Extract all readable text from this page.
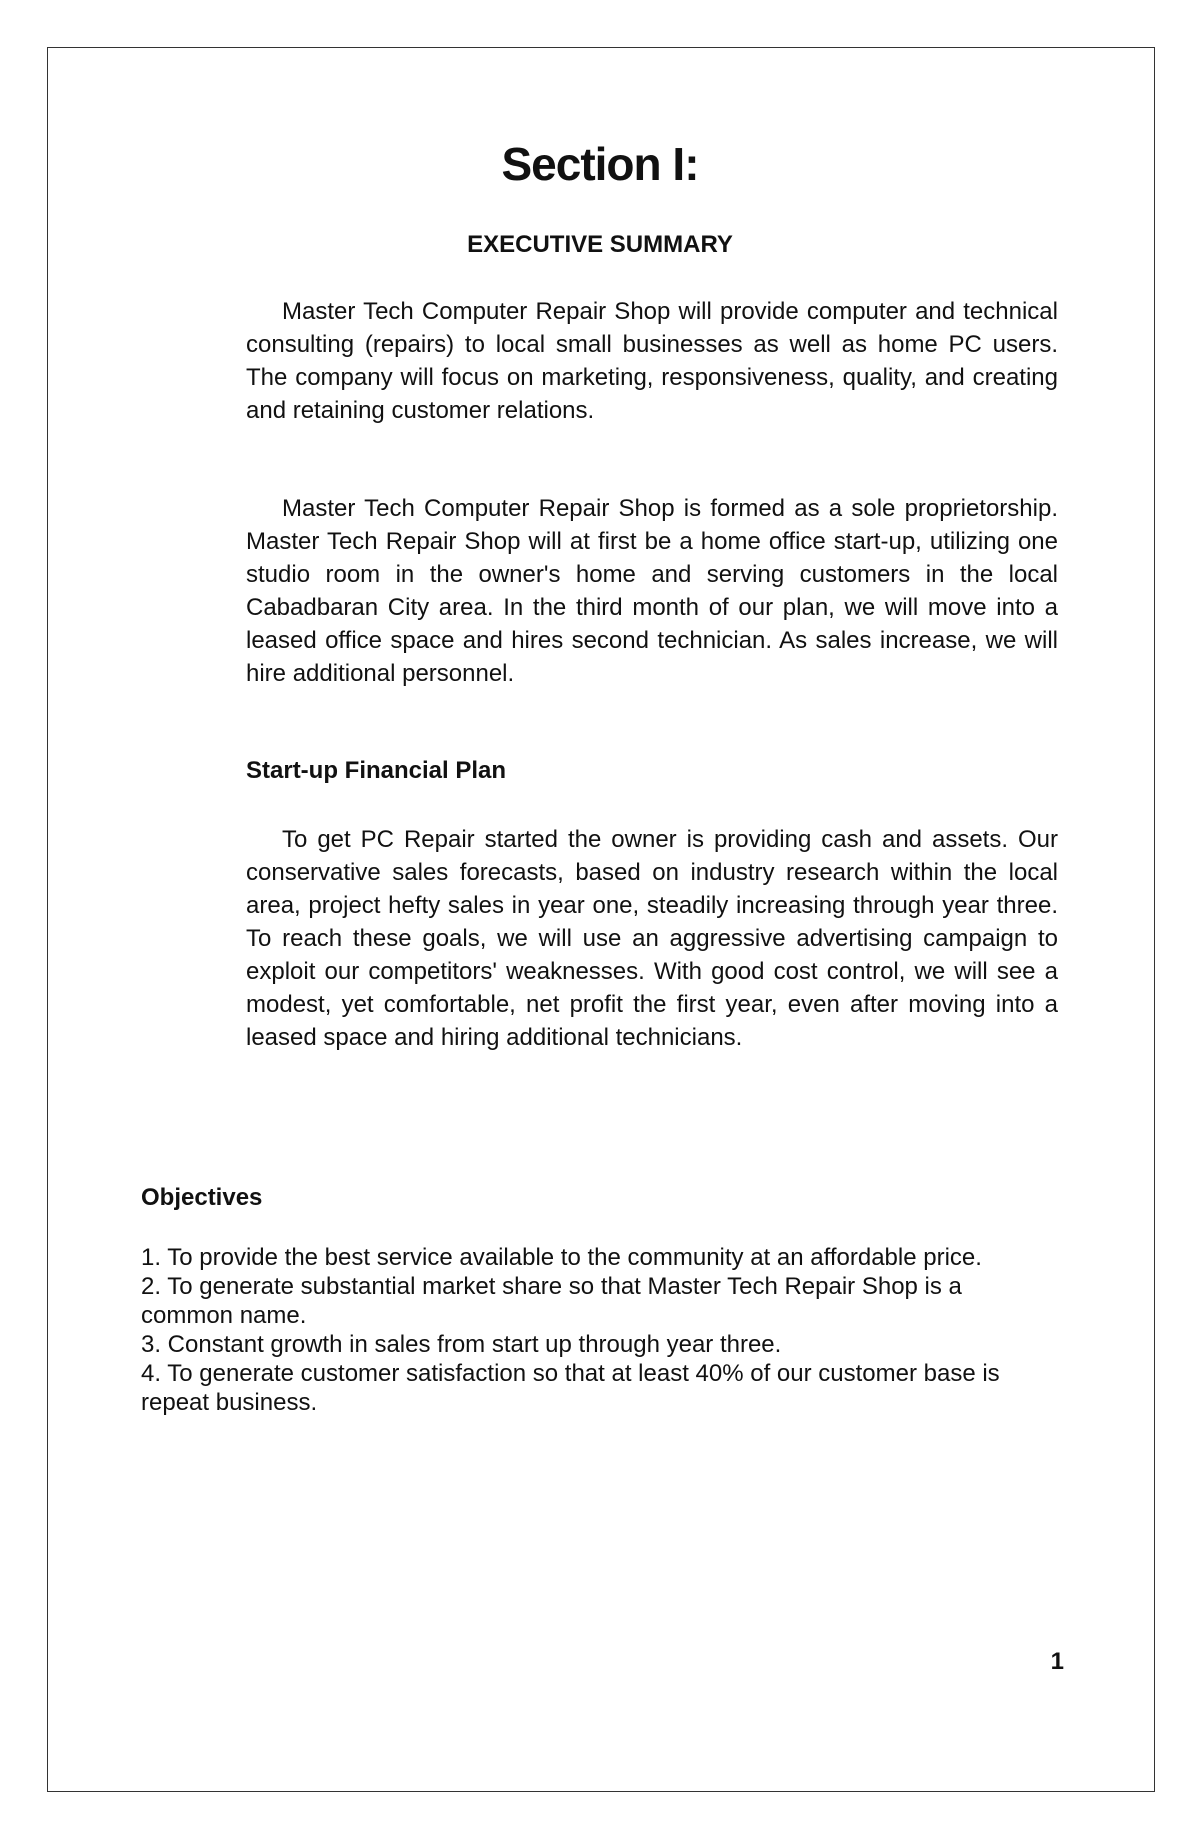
Section I:
EXECUTIVE SUMMARY

Master Tech Computer Repair Shop will provide computer and technical consulting (repairs) to local small businesses as well as home PC users. The company will focus on marketing, responsiveness, quality, and creating and retaining customer relations.

Master Tech Computer Repair Shop is formed as a sole proprietorship. Master Tech Repair Shop will at first be a home office start-up, utilizing one studio room in the owner's home and serving customers in the local Cabadbaran City area. In the third month of our plan, we will move into a leased office space and hires second technician. As sales increase, we will hire additional personnel.

Start-up Financial Plan

To get PC Repair started the owner is providing cash and assets. Our conservative sales forecasts, based on industry research within the local area, project hefty sales in year one, steadily increasing through year three. To reach these goals, we will use an aggressive advertising campaign to exploit our competitors' weaknesses. With good cost control, we will see a modest, yet comfortable, net profit the first year, even after moving into a leased space and hiring additional technicians.

Objectives
1. To provide the best service available to the community at an affordable price.
2. To generate substantial market share so that Master Tech Repair Shop is a common name.
3. Constant growth in sales from start up through year three.
4. To generate customer satisfaction so that at least 40% of our customer base is repeat business.
1
